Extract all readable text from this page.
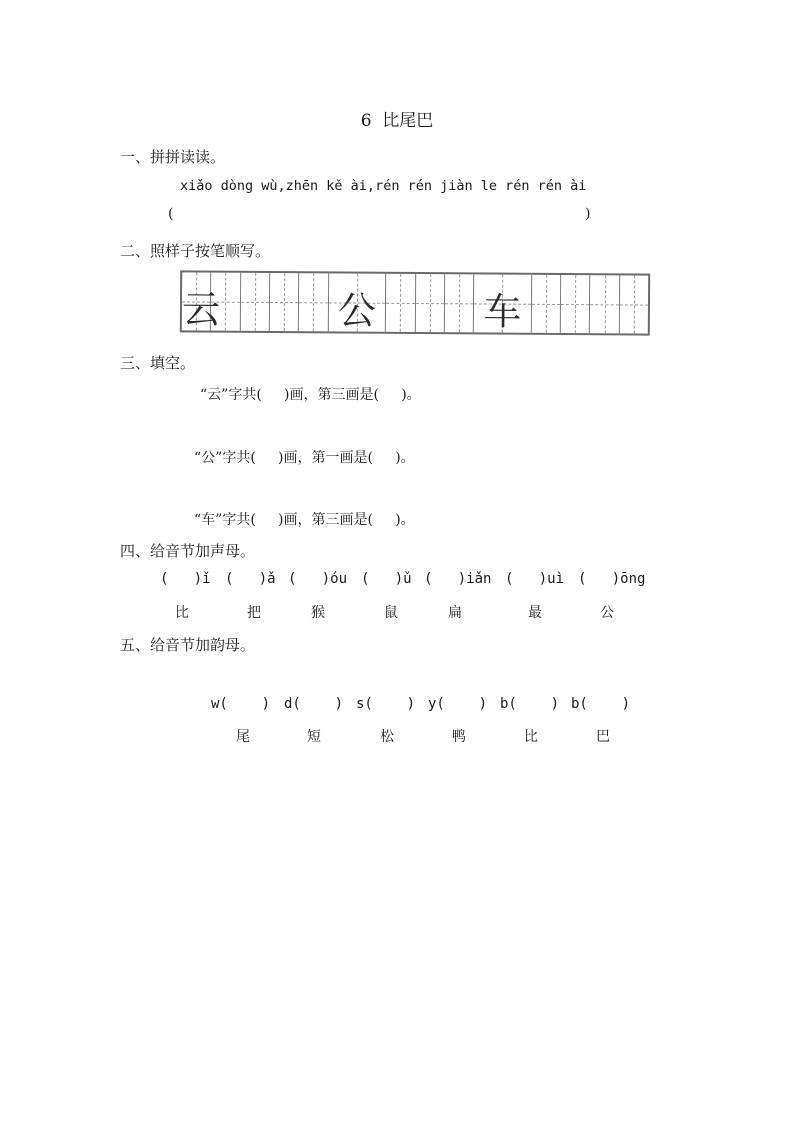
6  比尾巴
一、拼拼读读。
xiǎo dòng wù,zhēn kě ài,rén rén jiàn le rén rén ài
(	)
二、照样子按笔顺写。
云	公	车
三、填空。
“云”字共(     )画，第三画是(     )。
“公”字共(     )画，第一画是(     )。
“车”字共(     )画，第三画是(     )。
四、给音节加声母。
(   )ǐ (   )ǎ (   )óu (   )ǔ (   )iǎn (   )uì (   )ōng
比	把	猴	鼠	扁	最	公
五、给音节加韵母。
w(    ) d(    ) s(    ) y(    ) b(    ) b(    )
尾	短	松	鸭	比	巴
